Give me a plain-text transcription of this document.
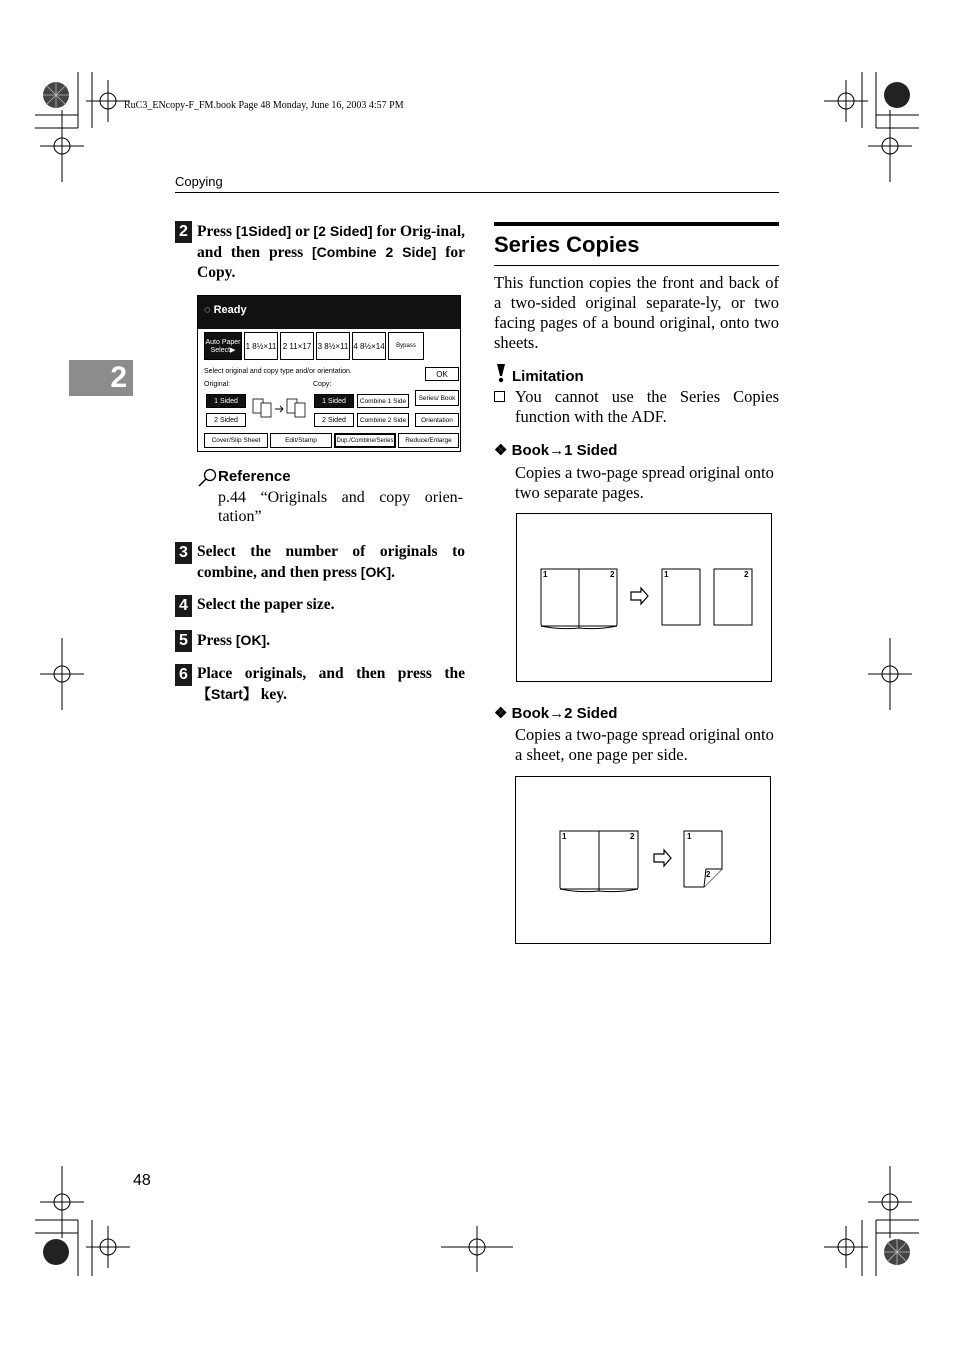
RuC3_ENcopy-F_FM.book Page 48 Monday, June 16, 2003 4:57 PM
Copying
2
2 Press [1Sided] or [2 Sided] for Orig-inal, and then press [Combine 2 Side] for Copy.
◌ Ready
Auto Paper Select▶	1 8½×11 2 11×17 3 8½×11 4 8½×14	Bypass
Select original and copy type and/or orientation.	OK
Original:	Copy:
1 Sided
2 Sided
1 Sided
2 Sided
Combine 1 Side
Combine 2 Side
Series/ Book
Orientation
Cover/Slip Sheet	Edit/Stamp	Dup./Combine/Series	Reduce/Enlarge
Reference
p.44 “Originals and copy orien-tation”
3 Select the number of originals to combine, and then press [OK].
4 Select the paper size.
5 Press [OK].
6 Place originals, and then press the 【Start】 key.
Series Copies
This function copies the front and back of a two-sided original separate-ly, or two facing pages of a bound original, onto two sheets.
Limitation
You cannot use the Series Copies function with the ADF.
❖ Book→1 Sided
Copies a two-page spread original onto two separate pages.
1	2	1	2
❖ Book→2 Sided
Copies a two-page spread original onto a sheet, one page per side.
1	2	1
2
48
